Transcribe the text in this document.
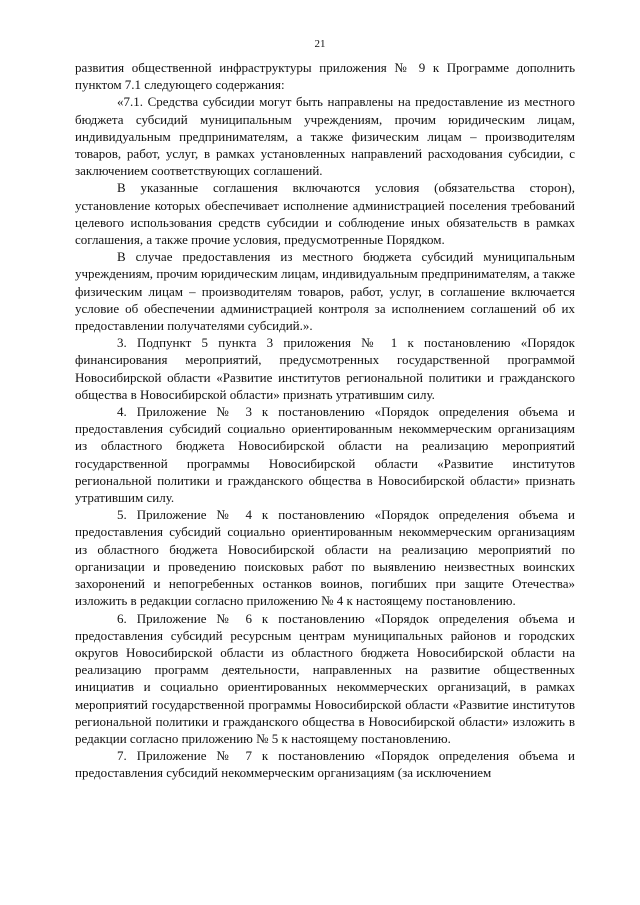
21

развития общественной инфраструктуры приложения № 9 к Программе дополнить пунктом 7.1 следующего содержания:

«7.1. Средства субсидии могут быть направлены на предоставление из местного бюджета субсидий муниципальным учреждениям, прочим юридическим лицам, индивидуальным предпринимателям, а также физическим лицам – производителям товаров, работ, услуг, в рамках установленных направлений расходования субсидии, с заключением соответствующих соглашений.

В указанные соглашения включаются условия (обязательства сторон), установление которых обеспечивает исполнение администрацией поселения требований целевого использования средств субсидии и соблюдение иных обязательств в рамках соглашения, а также прочие условия, предусмотренные Порядком.

В случае предоставления из местного бюджета субсидий муниципальным учреждениям, прочим юридическим лицам, индивидуальным предпринимателям, а также физическим лицам – производителям товаров, работ, услуг, в соглашение включается условие об обеспечении администрацией контроля за исполнением соглашений об их предоставлении получателями субсидий.».

3. Подпункт 5 пункта 3 приложения № 1 к постановлению «Порядок финансирования мероприятий, предусмотренных государственной программой Новосибирской области «Развитие институтов региональной политики и гражданского общества в Новосибирской области» признать утратившим силу.

4. Приложение № 3 к постановлению «Порядок определения объема и предоставления субсидий социально ориентированным некоммерческим организациям из областного бюджета Новосибирской области на реализацию мероприятий государственной программы Новосибирской области «Развитие институтов региональной политики и гражданского общества в Новосибирской области» признать утратившим силу.

5. Приложение № 4 к постановлению «Порядок определения объема и предоставления субсидий социально ориентированным некоммерческим организациям из областного бюджета Новосибирской области на реализацию мероприятий по организации и проведению поисковых работ по выявлению неизвестных воинских захоронений и непогребенных останков воинов, погибших при защите Отечества» изложить в редакции согласно приложению № 4 к настоящему постановлению.

6. Приложение № 6 к постановлению «Порядок определения объема и предоставления субсидий ресурсным центрам муниципальных районов и городских округов Новосибирской области из областного бюджета Новосибирской области на реализацию программ деятельности, направленных на развитие общественных инициатив и социально ориентированных некоммерческих организаций, в рамках мероприятий государственной программы Новосибирской области «Развитие институтов региональной политики и гражданского общества в Новосибирской области» изложить в редакции согласно приложению № 5 к настоящему постановлению.

7. Приложение № 7 к постановлению «Порядок определения объема и предоставления субсидий некоммерческим организациям (за исключением
